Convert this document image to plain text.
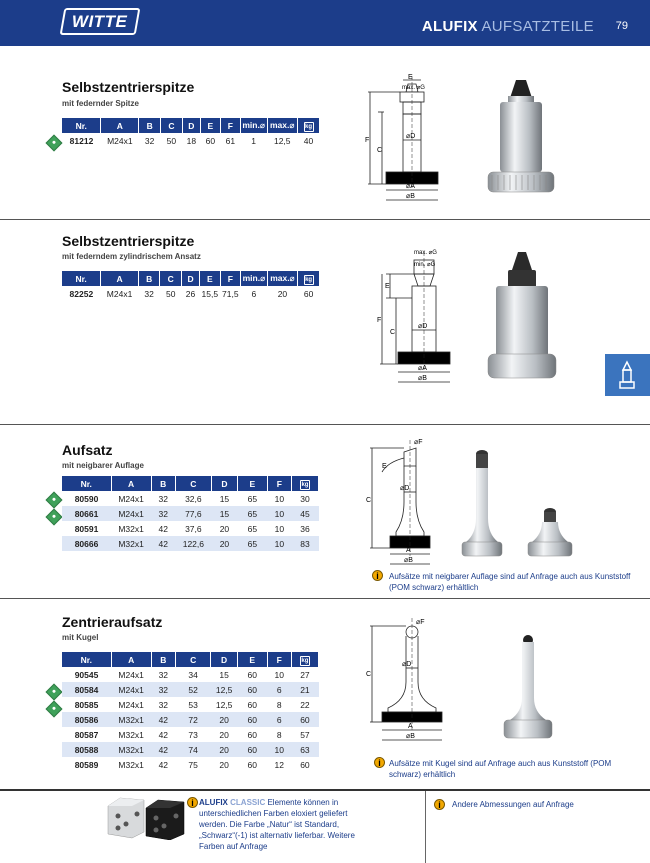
WITTE	ALUFIX AUFSATZTEILE 79
Selbstzentrierspitze
mit federnder Spitze
Nr.	A	B	C	D	E	F	min.⌀	max.⌀	kg
81212	M24x1	32	50	18	60	61	1	12,5	40
E
max. ⌀G
⌀D
C
F
⌀A
⌀B
Selbstzentrierspitze
mit federndem zylindrischem Ansatz
Nr.	A	B	C	D	E	F	min.⌀	max.⌀	kg
82252	M24x1	32	50	26	15,5	71,5	6	20	60
max. ⌀G
min. ⌀G
E
⌀D
C
F
⌀A
⌀B
Aufsatz
mit neigbarer Auflage
Nr.	A	B	C	D	E	F	kg
80590	M24x1	32	32,6	15	65	10	30
80661	M24x1	32	77,6	15	65	10	45
80591	M32x1	42	37,6	20	65	10	36
80666	M32x1	42	122,6	20	65	10	83
⌀F
E
⌀D
C
A
⌀B
i	Aufsätze mit neigbarer Auflage sind auf Anfrage auch aus Kunststoff (POM schwarz) erhältlich
Zentrieraufsatz
mit Kugel
Nr.	A	B	C	D	E	F	kg
90545	M24x1	32	34	15	60	10	27
80584	M24x1	32	52	12,5	60	6	21
80585	M24x1	32	53	12,5	60	8	22
80586	M32x1	42	72	20	60	6	60
80587	M32x1	42	73	20	60	8	57
80588	M32x1	42	74	20	60	10	63
80589	M32x1	42	75	20	60	12	60
⌀F
⌀D
C
A
⌀B
i	Aufsätze mit Kugel sind auf Anfrage auch aus Kunststoff (POM schwarz) erhältlich
i ALUFIX CLASSIC Elemente können in unterschiedlichen Farben eloxiert geliefert werden. Die Farbe „Natur“ ist Standard, „Schwarz“(-1) ist alternativ lieferbar. Weitere Farben auf Anfrage
i	Andere Abmessungen auf Anfrage
